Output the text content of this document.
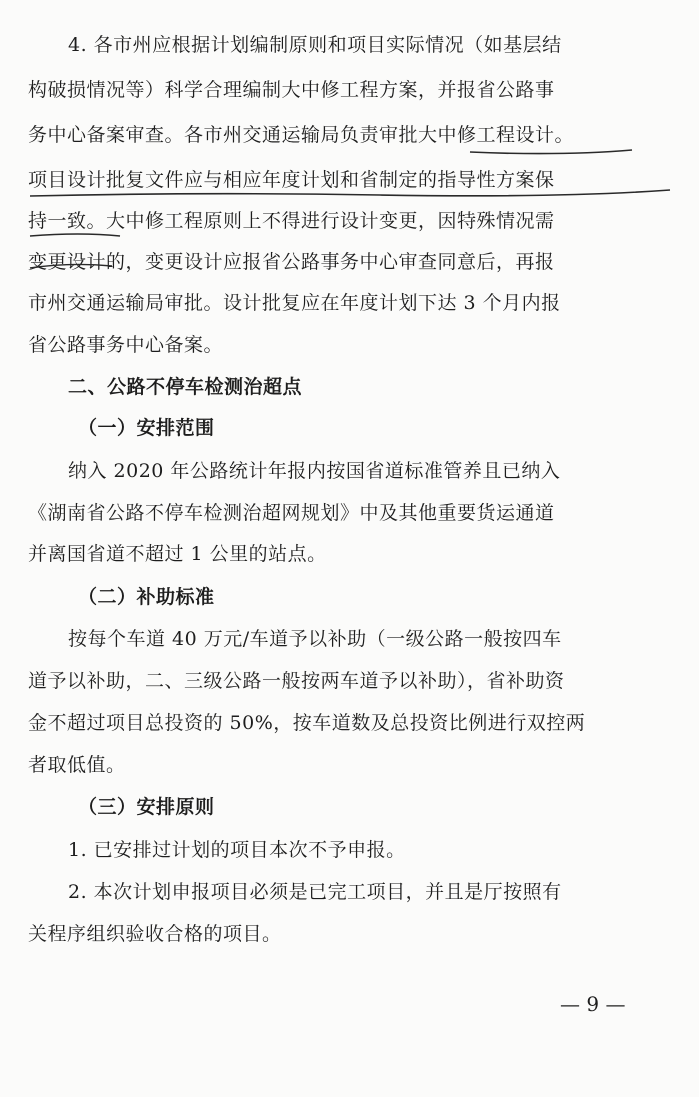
4. 各市州应根据计划编制原则和项目实际情况（如基层结
构破损情况等）科学合理编制大中修工程方案，并报省公路事
务中心备案审查。各市州交通运输局负责审批大中修工程设计。
项目设计批复文件应与相应年度计划和省制定的指导性方案保
持一致。大中修工程原则上不得进行设计变更，因特殊情况需
变更设计的，变更设计应报省公路事务中心审查同意后，再报
市州交通运输局审批。设计批复应在年度计划下达 3 个月内报
省公路事务中心备案。
二、公路不停车检测治超点
（一）安排范围
纳入 2020 年公路统计年报内按国省道标准管养且已纳入
《湖南省公路不停车检测治超网规划》中及其他重要货运通道
并离国省道不超过 1 公里的站点。
（二）补助标准
按每个车道 40 万元/车道予以补助（一级公路一般按四车
道予以补助，二、三级公路一般按两车道予以补助），省补助资
金不超过项目总投资的 50%，按车道数及总投资比例进行双控两
者取低值。
（三）安排原则
1. 已安排过计划的项目本次不予申报。
2. 本次计划申报项目必须是已完工项目，并且是厅按照有
关程序组织验收合格的项目。
— 9 —
